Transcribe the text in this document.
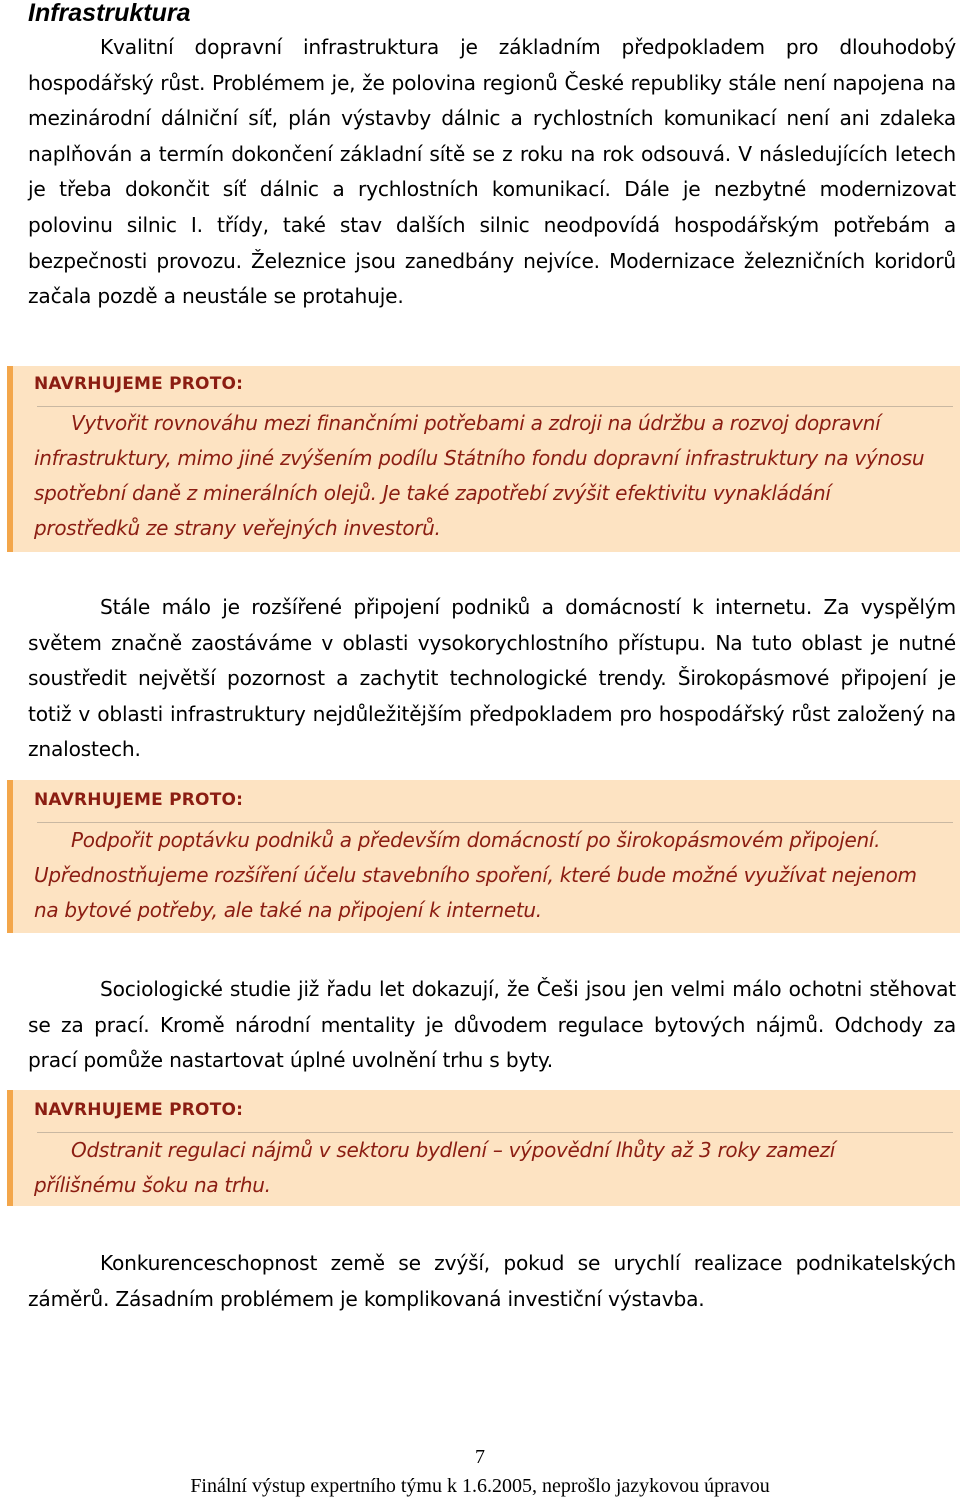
Infrastruktura

Kvalitní dopravní infrastruktura je základním předpokladem pro dlouhodobý hospodářský růst. Problémem je, že polovina regionů České republiky stále není napojena na mezinárodní dálniční síť, plán výstavby dálnic a rychlostních komunikací není ani zdaleka naplňován a termín dokončení základní sítě se z roku na rok odsouvá. V následujících letech je třeba dokončit síť dálnic a rychlostních komunikací. Dále je nezbytné modernizovat polovinu silnic I. třídy, také stav dalších silnic neodpovídá hospodářským potřebám a bezpečnosti provozu. Železnice jsou zanedbány nejvíce. Modernizace železničních koridorů začala pozdě a neustále se protahuje.

NAVRHUJEME PROTO:

Vytvořit rovnováhu mezi finančními potřebami a zdroji na údržbu a rozvoj dopravní infrastruktury, mimo jiné zvýšením podílu Státního fondu dopravní infrastruktury na výnosu spotřební daně z minerálních olejů. Je také zapotřebí zvýšit efektivitu vynakládání prostředků ze strany veřejných investorů.

Stále málo je rozšířené připojení podniků a domácností k internetu. Za vyspělým světem značně zaostáváme v oblasti vysokorychlostního přístupu. Na tuto oblast je nutné soustředit největší pozornost a zachytit technologické trendy. Širokopásmové připojení je totiž v oblasti infrastruktury nejdůležitějším předpokladem pro hospodářský růst založený na znalostech.

NAVRHUJEME PROTO:

Podpořit poptávku podniků a především domácností po širokopásmovém připojení. Upřednostňujeme rozšíření účelu stavebního spoření, které bude možné využívat nejenom na bytové potřeby, ale také na připojení k internetu.

Sociologické studie již řadu let dokazují, že Češi jsou jen velmi málo ochotni stěhovat se za prací. Kromě národní mentality je důvodem regulace bytových nájmů. Odchody za prací pomůže nastartovat úplné uvolnění trhu s byty.

NAVRHUJEME PROTO:

Odstranit regulaci nájmů v sektoru bydlení – výpovědní lhůty až 3 roky zamezí přílišnému šoku na trhu.

Konkurenceschopnost země se zvýší, pokud se urychlí realizace podnikatelských záměrů. Zásadním problémem je komplikovaná investiční výstavba.

7
Finální výstup expertního týmu k 1.6.2005, neprošlo jazykovou úpravou
